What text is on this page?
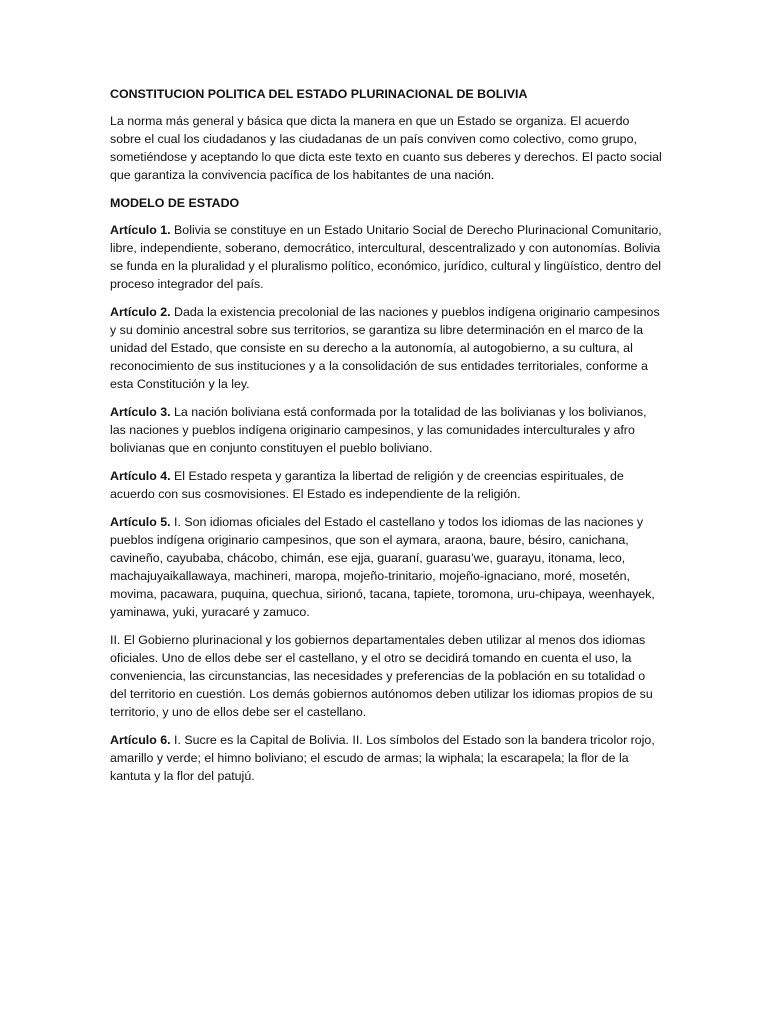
CONSTITUCION POLITICA DEL ESTADO PLURINACIONAL DE BOLIVIA

La norma más general y básica que dicta la manera en que un Estado se organiza. El acuerdo sobre el cual los ciudadanos y las ciudadanas de un país conviven como colectivo, como grupo, sometiéndose y aceptando lo que dicta este texto en cuanto sus deberes y derechos. El pacto social que garantiza la convivencia pacífica de los habitantes de una nación.

MODELO DE ESTADO

Artículo 1. Bolivia se constituye en un Estado Unitario Social de Derecho Plurinacional Comunitario, libre, independiente, soberano, democrático, intercultural, descentralizado y con autonomías. Bolivia se funda en la pluralidad y el pluralismo político, económico, jurídico, cultural y lingüístico, dentro del proceso integrador del país.

Artículo 2. Dada la existencia precolonial de las naciones y pueblos indígena originario campesinos y su dominio ancestral sobre sus territorios, se garantiza su libre determinación en el marco de la unidad del Estado, que consiste en su derecho a la autonomía, al autogobierno, a su cultura, al reconocimiento de sus instituciones y a la consolidación de sus entidades territoriales, conforme a esta Constitución y la ley.

Artículo 3. La nación boliviana está conformada por la totalidad de las bolivianas y los bolivianos, las naciones y pueblos indígena originario campesinos, y las comunidades interculturales y afro bolivianas que en conjunto constituyen el pueblo boliviano.

Artículo 4. El Estado respeta y garantiza la libertad de religión y de creencias espirituales, de acuerdo con sus cosmovisiones. El Estado es independiente de la religión.

Artículo 5. I. Son idiomas oficiales del Estado el castellano y todos los idiomas de las naciones y pueblos indígena originario campesinos, que son el aymara, araona, baure, bésiro, canichana, cavineño, cayubaba, chácobo, chimán, ese ejja, guaraní, guarasu’we, guarayu, itonama, leco, machajuyaikallawaya, machineri, maropa, mojeño-trinitario, mojeño-ignaciano, moré, mosetén, movima, pacawara, puquina, quechua, sirionó, tacana, tapiete, toromona, uru-chipaya, weenhayek, yaminawa, yuki, yuracaré y zamuco.

II. El Gobierno plurinacional y los gobiernos departamentales deben utilizar al menos dos idiomas oficiales. Uno de ellos debe ser el castellano, y el otro se decidirá tomando en cuenta el uso, la conveniencia, las circunstancias, las necesidades y preferencias de la población en su totalidad o del territorio en cuestión. Los demás gobiernos autónomos deben utilizar los idiomas propios de su territorio, y uno de ellos debe ser el castellano.

Artículo 6. I. Sucre es la Capital de Bolivia. II. Los símbolos del Estado son la bandera tricolor rojo, amarillo y verde; el himno boliviano; el escudo de armas; la wiphala; la escarapela; la flor de la kantuta y la flor del patujú.
